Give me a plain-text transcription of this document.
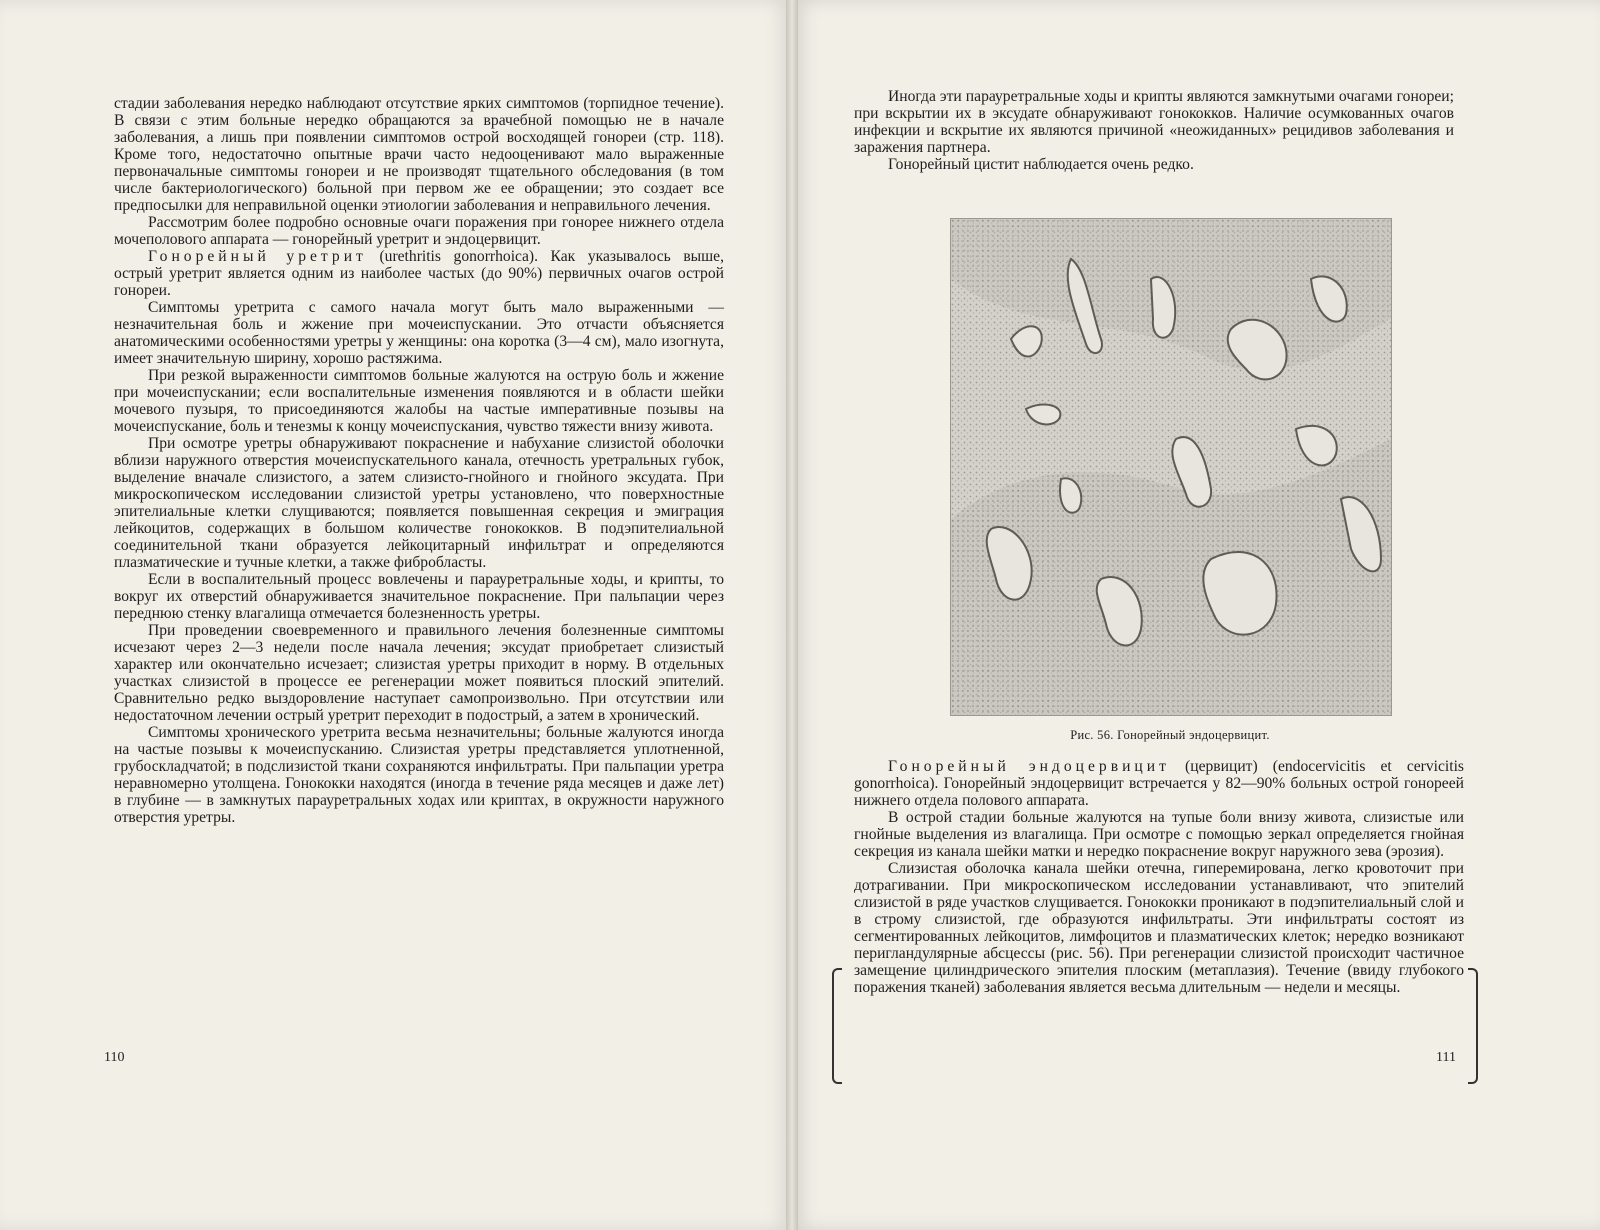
стадии заболевания нередко наблюдают отсутствие ярких симптомов (торпидное течение). В связи с этим больные нередко обращаются за врачебной помощью не в начале заболевания, а лишь при появлении симптомов острой восходящей гонореи (стр. 118). Кроме того, недостаточно опытные врачи часто недооценивают мало выраженные первоначальные симптомы гонореи и не производят тщательного обследования (в том числе бактериологического) больной при первом же ее обращении; это создает все предпосылки для неправильной оценки этиологии заболевания и неправильного лечения.

Рассмотрим более подробно основные очаги поражения при гонорее нижнего отдела мочеполового аппарата — гонорейный уретрит и эндоцервицит.

Гонорейный уретрит (urethritis gonorrhoica). Как указывалось выше, острый уретрит является одним из наиболее частых (до 90%) первичных очагов острой гонореи.

Симптомы уретрита с самого начала могут быть мало выраженными — незначительная боль и жжение при мочеиспускании. Это отчасти объясняется анатомическими особенностями уретры у женщины: она коротка (3—4 см), мало изогнута, имеет значительную ширину, хорошо растяжима.

При резкой выраженности симптомов больные жалуются на острую боль и жжение при мочеиспускании; если воспалительные изменения появляются и в области шейки мочевого пузыря, то присоединяются жалобы на частые императивные позывы на мочеиспускание, боль и тенезмы к концу мочеиспускания, чувство тяжести внизу живота.

При осмотре уретры обнаруживают покраснение и набухание слизистой оболочки вблизи наружного отверстия мочеиспускательного канала, отечность уретральных губок, выделение вначале слизистого, а затем слизисто-гнойного и гнойного эксудата. При микроскопическом исследовании слизистой уретры установлено, что поверхностные эпителиальные клетки слущиваются; появляется повышенная секреция и эмиграция лейкоцитов, содержащих в большом количестве гонококков. В подэпителиальной соединительной ткани образуется лейкоцитарный инфильтрат и определяются плазматические и тучные клетки, а также фибробласты.

Если в воспалительный процесс вовлечены и парауретральные ходы, и крипты, то вокруг их отверстий обнаруживается значительное покраснение. При пальпации через переднюю стенку влагалища отмечается болезненность уретры.

При проведении своевременного и правильного лечения болезненные симптомы исчезают через 2—3 недели после начала лечения; эксудат приобретает слизистый характер или окончательно исчезает; слизистая уретры приходит в норму. В отдельных участках слизистой в процессе ее регенерации может появиться плоский эпителий. Сравнительно редко выздоровление наступает самопроизвольно. При отсутствии или недостаточном лечении острый уретрит переходит в подострый, а затем в хронический.

Симптомы хронического уретрита весьма незначительны; больные жалуются иногда на частые позывы к мочеиспусканию. Слизистая уретры представляется уплотненной, грубоскладчатой; в подслизистой ткани сохраняются инфильтраты. При пальпации уретра неравномерно утолщена. Гонококки находятся (иногда в течение ряда месяцев и даже лет) в глубине — в замкнутых парауретральных ходах или криптах, в окружности наружного отверстия уретры.

110

Иногда эти парауретральные ходы и крипты являются замкнутыми очагами гонореи; при вскрытии их в эксудате обнаруживают гонококков. Наличие осумкованных очагов инфекции и вскрытие их являются причиной «неожиданных» рецидивов заболевания и заражения партнера.

Гонорейный цистит наблюдается очень редко.

Рис. 56. Гонорейный эндоцервицит.

Гонорейный эндоцервицит (цервицит) (endocervicitis et cervicitis gonorrhoica). Гонорейный эндоцервицит встречается у 82—90% больных острой гонореей нижнего отдела полового аппарата.

В острой стадии больные жалуются на тупые боли внизу живота, слизистые или гнойные выделения из влагалища. При осмотре с помощью зеркал определяется гнойная секреция из канала шейки матки и нередко покраснение вокруг наружного зева (эрозия).

Слизистая оболочка канала шейки отечна, гиперемирована, легко кровоточит при дотрагивании. При микроскопическом исследовании устанавливают, что эпителий слизистой в ряде участков слущивается. Гонококки проникают в подэпителиальный слой и в строму слизистой, где образуются инфильтраты. Эти инфильтраты состоят из сегментированных лейкоцитов, лимфоцитов и плазматических клеток; нередко возникают перигландулярные абсцессы (рис. 56). При регенерации слизистой происходит частичное замещение цилиндрического эпителия плоским (метаплазия). Течение (ввиду глубокого поражения тканей) заболевания является весьма длительным — недели и месяцы.

111
